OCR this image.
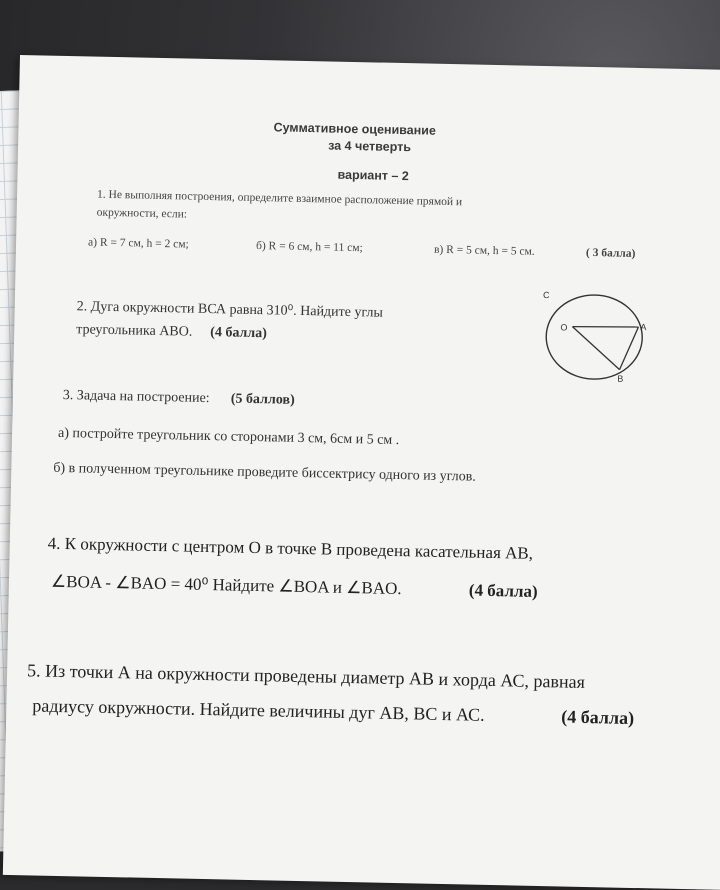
Суммативное оценивание
за 4 четверть
вариант – 2
1. Не выполняя построения, определите взаимное расположение прямой и
окружности, если:
а) R = 7 см, h = 2 см;	б) R = 6 см, h = 11 см;	в) R = 5 см, h = 5 см.	( 3 балла)
2. Дуга окружности ВСА равна 310⁰. Найдите углы
треугольника АВО. (4 балла)
C
O	A
B
3. Задача на построение: (5 баллов)
а) постройте треугольник со сторонами 3 см, 6см и 5 см .
б) в полученном треугольнике проведите биссектрису одного из углов.
4. К окружности с центром О в точке В проведена касательная АВ,
∠BOA - ∠BAO = 40⁰ Найдите ∠BOA и ∠BAO.	(4 балла)
5. Из точки А на окружности проведены диаметр АВ и хорда АС, равная
радиусу окружности. Найдите величины дуг АВ, ВС и АС.	(4 балла)
